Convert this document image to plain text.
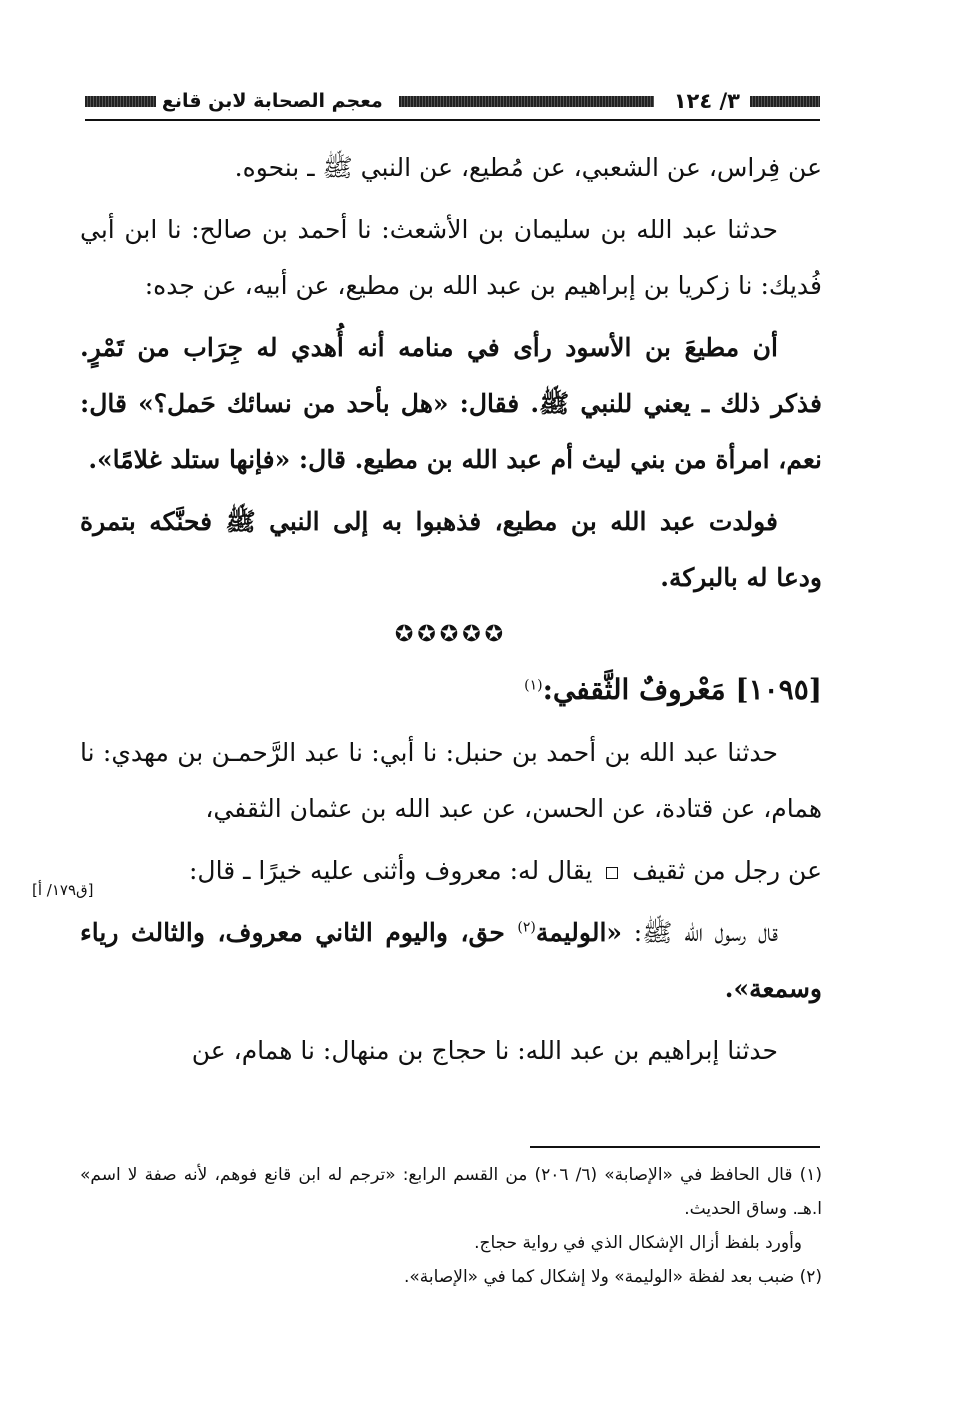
٣/ ١٢٤
معجم الصحابة لابن قانع

عن فِراس، عن الشعبي، عن مُطيع، عن النبي ﷺ ـ بنحوه.

حدثنا عبد الله بن سليمان بن الأشعث: نا أحمد بن صالح: نا ابن أبي فُديك: نا زكريا بن إبراهيم بن عبد الله بن مطيع، عن أبيه، عن جده:

أن مطيعَ بن الأسود رأى في منامه أنه أُهدي له جِرَاب من تَمْرٍ. فذكر ذلك ـ يعني للنبي ﷺ. فقال: «هل بأحد من نسائك حَمل؟» قال: نعم، امرأة من بني ليث أم عبد الله بن مطيع. قال: «فإنها ستلد غلامًا».

فولدت عبد الله بن مطيع، فذهبوا به إلى النبي ﷺ فحنَّكه بتمرة ودعا له بالبركة.

✪✪✪✪✪

[١٠٩٥] مَعْروفٌ الثَّقفي:$^{(١)}$

حدثنا عبد الله بن أحمد بن حنبل: نا أبي: نا عبد الرَّحمـن بن مهدي: نا همام، عن قتادة، عن الحسن، عن عبد الله بن عثمان الثقفي،

عن رجل من ثقيف  يقال له: معروف وأثنى عليه خيرًا ـ قال:

قال رسول الله ﷺ: «الوليمة$^{(٢)}$ حق، واليوم الثاني معروف، والثالث رياء وسمعة».

حدثنا إبراهيم بن عبد الله: نا حجاج بن منهال: نا همام، عن

[ق١٧٩/ أ]

(١) قال الحافظ في «الإصابة» (٦/ ٢٠٦) من القسم الرابع: «ترجم له ابن قانع فوهم، لأنه صفة لا اسم» ا.هـ. وساق الحديث.

وأورد بلفظ أزال الإشكال الذي في رواية حجاج.

(٢) ضبب بعد لفظة «الوليمة» ولا إشكال كما في «الإصابة».
